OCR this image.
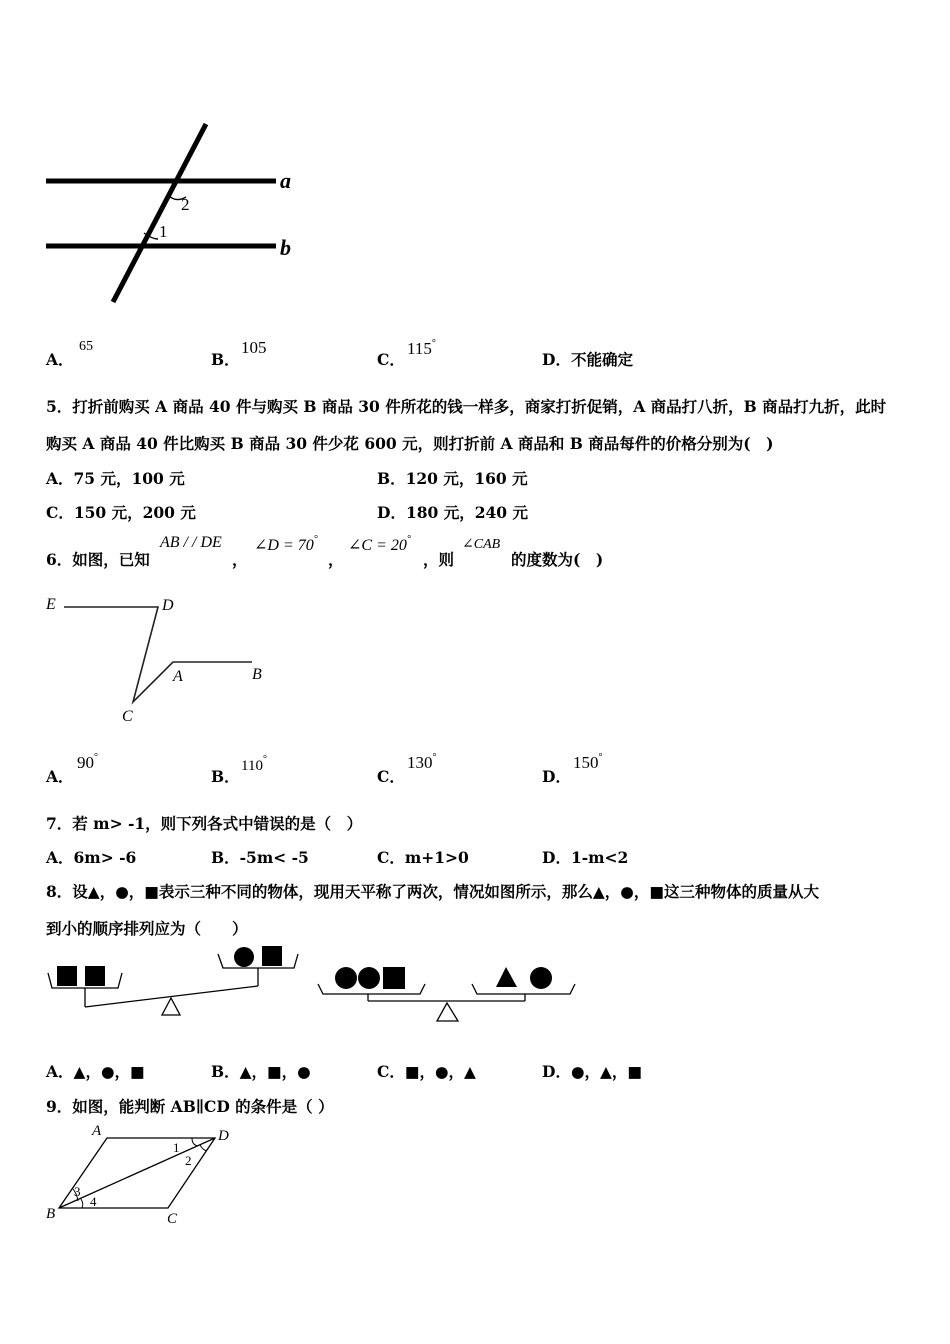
a
b
2
1
A．
65
B．
105
C．
115°
D．不能确定
5．打折前购买 A 商品 40 件与购买 B 商品 30 件所花的钱一样多，商家打折促销，A 商品打八折，B 商品打九折，此时
购买 A 商品 40 件比购买 B 商品 30 件少花 600 元，则打折前 A 商品和 B 商品每件的价格分别为(　)
A．75 元，100 元	B．120 元，160 元
C．150 元，200 元	D．180 元，240 元
6．如图，已知
AB / / DE
，
∠D = 70°
，
∠C = 20°
，则
∠CAB
的度数为(　)
E	D
A	B
C
A．
90°
B．
110°
C．
130°
D．
150°
7．若 m> -1，则下列各式中错误的是（　）
A．6m> -6	B．-5m< -5	C．m+1>0	D．1-m<2
8．设▲，●，■表示三种不同的物体，现用天平称了两次，情况如图所示，那么▲，●，■这三种物体的质量从大
到小的顺序排列应为（　　）
A．▲，●，■	B．▲，■，●	C．■，●，▲	D．●，▲，■
9．如图，能判断 AB∥CD 的条件是（ ）
A	D
B	C
1
2
3
4
